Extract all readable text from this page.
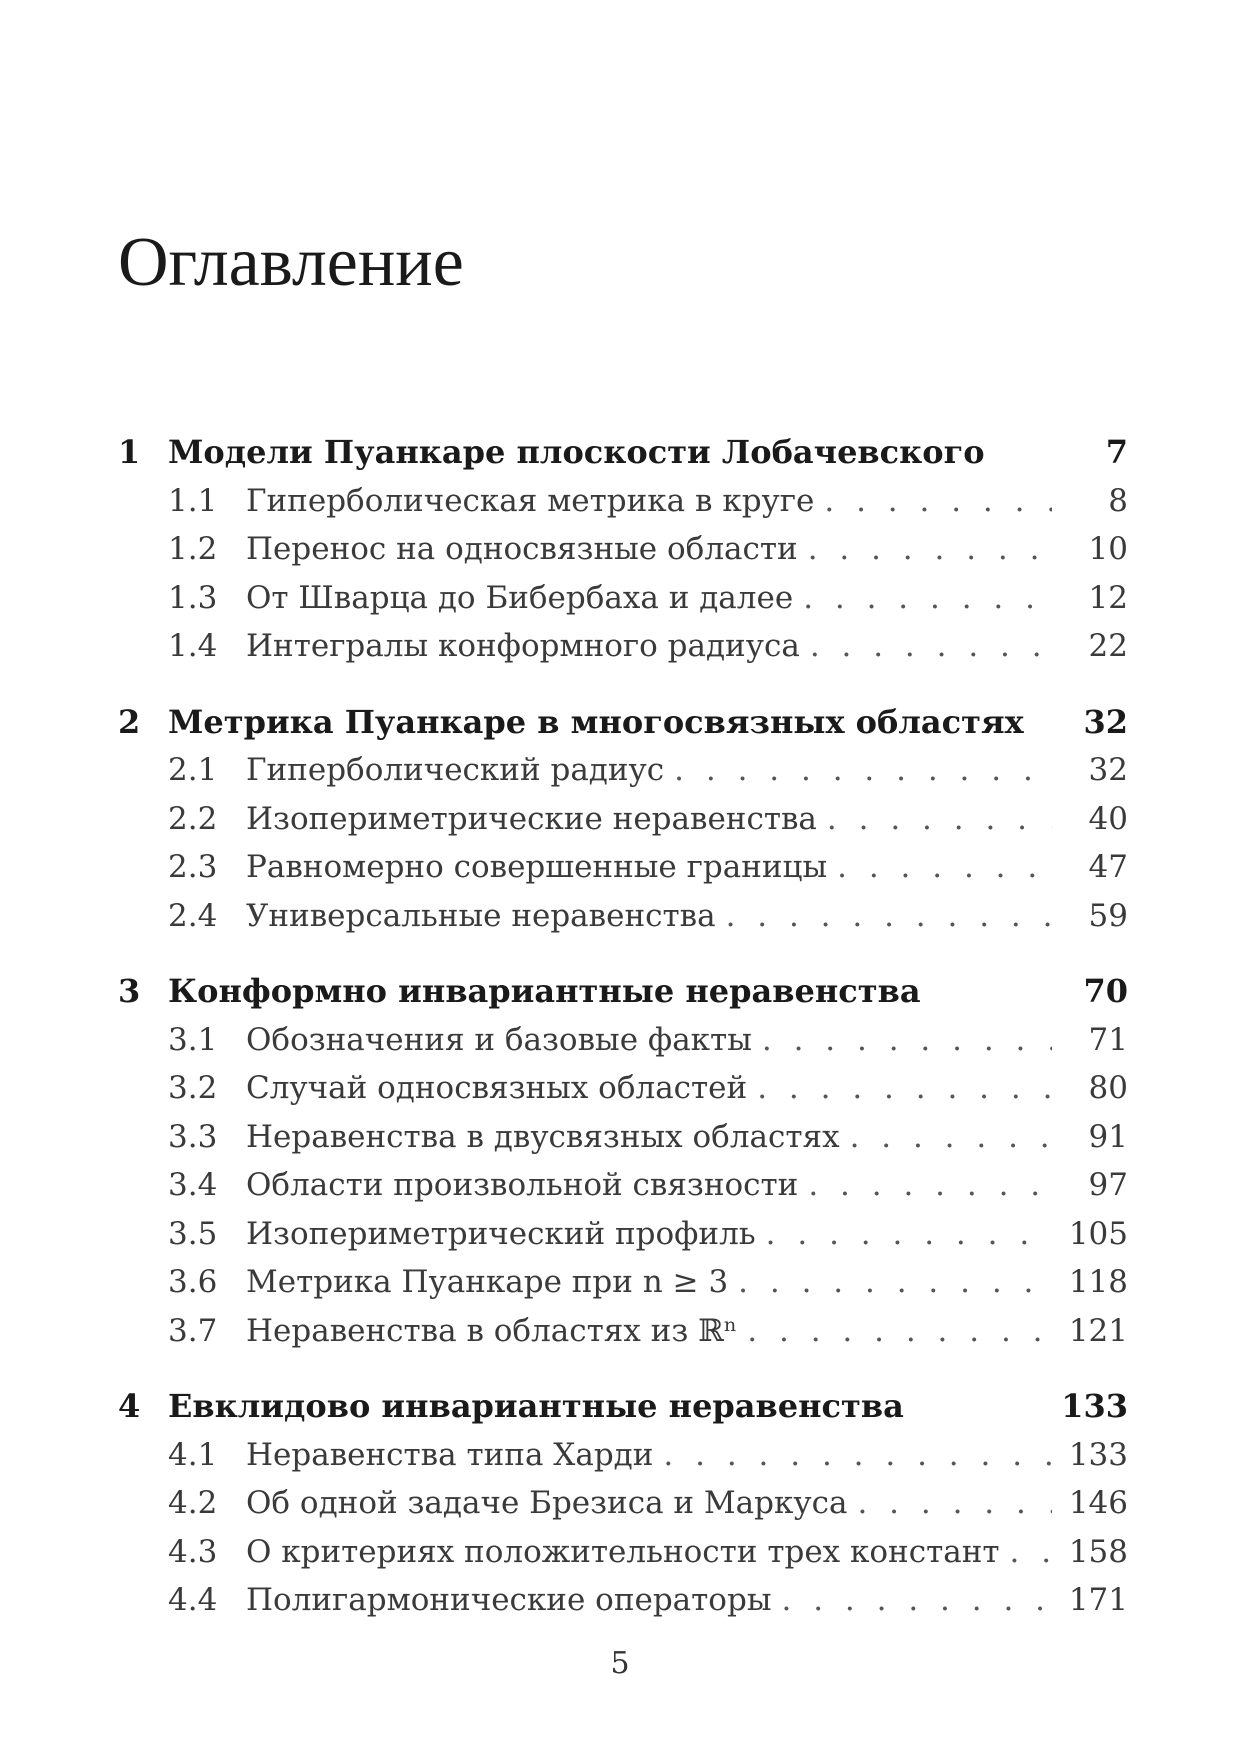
Оглавление
1 Модели Пуанкаре плоскости Лобачевского	7
1.1 Гиперболическая метрика в круге . . .	8
1.2 Перенос на односвязные области . . .	10
1.3 От Шварца до Бибербаха и далее . . .	12
1.4 Интегралы конформного радиуса . . .	22
2 Метрика Пуанкаре в многосвязных областях 32
2.1 Гиперболический радиус . . .	32
2.2 Изопериметрические неравенства . . .	40
2.3 Равномерно совершенные границы . . .	47
2.4 Универсальные неравенства . . .	59
3 Конформно инвариантные неравенства	70
3.1 Обозначения и базовые факты . . .	71
3.2 Случай односвязных областей . . .	80
3.3 Неравенства в двусвязных областях . . .	91
3.4 Области произвольной связности . . .	97
3.5 Изопериметрический профиль . . .	105
3.6 Метрика Пуанкаре при n ≥ 3 . . .	118
3.7 Неравенства в областях из ℝⁿ . . .	121
4 Евклидово инвариантные неравенства	133
4.1 Неравенства типа Харди . . .	133
4.2 Об одной задаче Брезиса и Маркуса . . .	146
4.3 О критериях положительности трех констант . . . 158
4.4 Полигармонические операторы . . .	171
5
